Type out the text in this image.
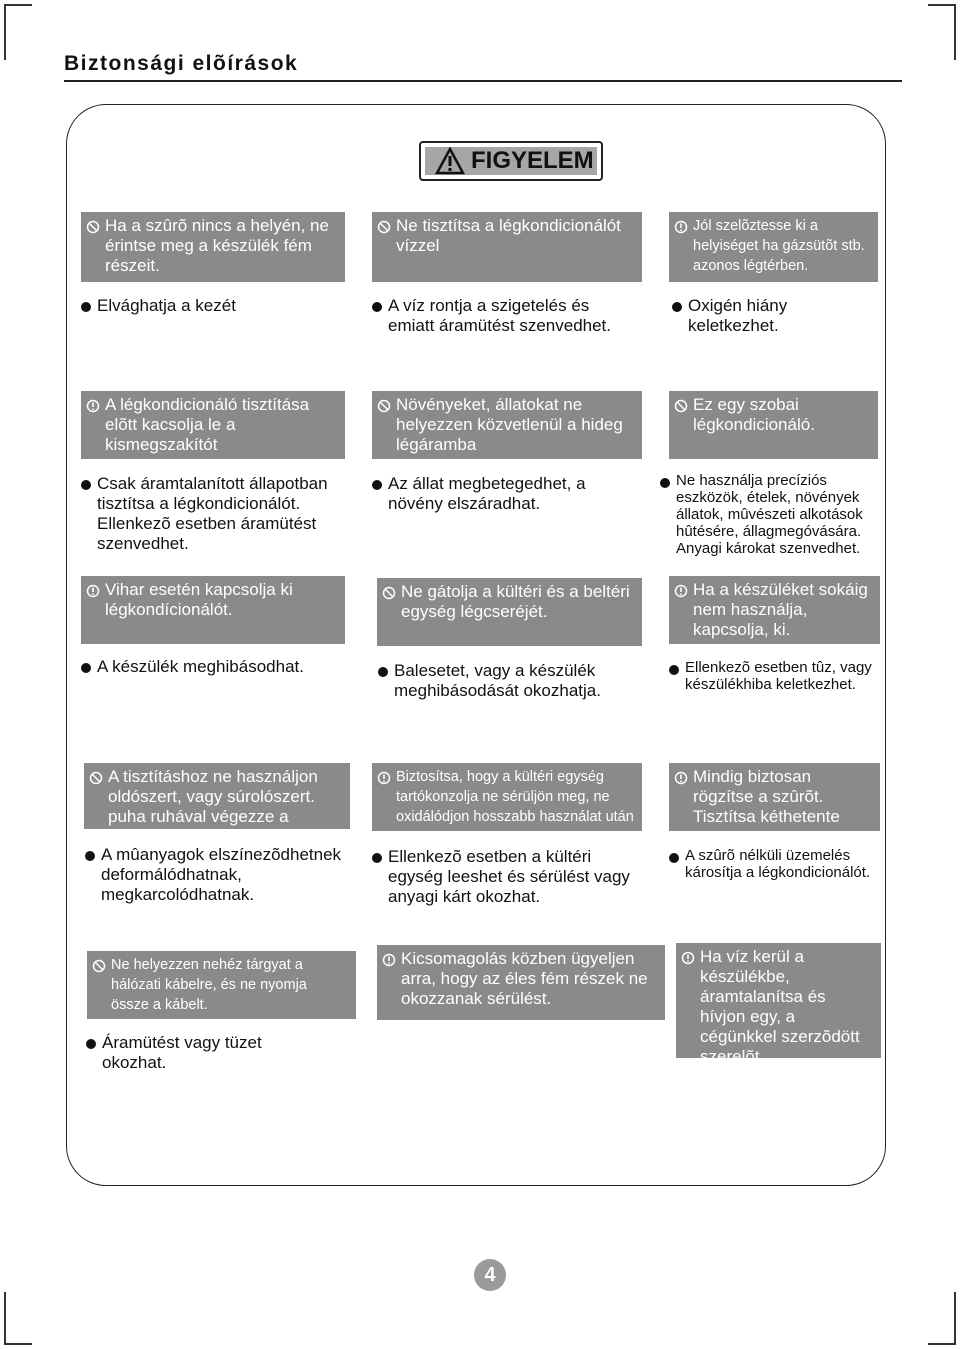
Biztonsági elõírások
FIGYELEM
Ha a szûrõ nincs a helyén, ne érintse meg a készülék fém részeit.
Ne tisztítsa a légkondicionálót vízzel
Jól szelõztesse ki a helyiséget ha gázsütõt stb. azonos légtérben.
Elvághatja a kezét	A víz rontja a szigetelés és emiatt áramütést szenvedhet.
Oxigén hiány keletkezhet.
A légkondicionáló tisztítása elõtt kacsolja le a kismegszakítót
Növényeket, állatokat ne helyezzen közvetlenül a hideg légáramba
Ez egy szobai légkondicionáló.
Csak áramtalanított állapotban tisztítsa a légkondicionálót. Ellenkezõ esetben áramütést szenvedhet.
Az állat megbetegedhet, a növény elszáradhat.
Ne használja precíziós eszközök, ételek, növények állatok, mûvészeti alkotások hûtésére, állagmegóvására. Anyagi károkat szenvedhet.
Vihar esetén kapcsolja ki légkondícionálót.
Ne gátolja a kültéri és a beltéri egység légcseréjét.
Ha a készüléket sokáig nem használja, kapcsolja, ki.
A készülék meghibásodhat.	Balesetet, vagy a készülék meghibásodását okozhatja.
Ellenkezõ esetben tûz, vagy készülékhiba keletkezhet.
A tisztításhoz ne használjon oldószert, vagy súrolószert. puha ruhával végezze a tisztítást.
Biztosítsa, hogy a kültéri egység tartókonzolja ne sérüljön meg, ne oxidálódjon hosszabb használat után sem.
Mindig biztosan rögzítse a szûrõt. Tisztítsa kéthetente
A mûanyagok elszínezõdhetnek deformálódhatnak, megkarcolódhatnak.
Ellenkezõ esetben a kültéri egység leeshet és sérülést vagy anyagi kárt okozhat.
A szûrõ nélküli üzemelés károsítja a légkondicionálót.
Ne helyezzen nehéz tárgyat a hálózati kábelre, és ne nyomja össze a kábelt.
Kicsomagolás közben ügyeljen arra, hogy az éles fém részek ne okozzanak sérülést.
Ha víz kerül a készülékbe, áramtalanítsa és hívjon egy, a cégünkkel szerzõdött szerelõt.
Áramütést vagy tüzet okozhat.
4
